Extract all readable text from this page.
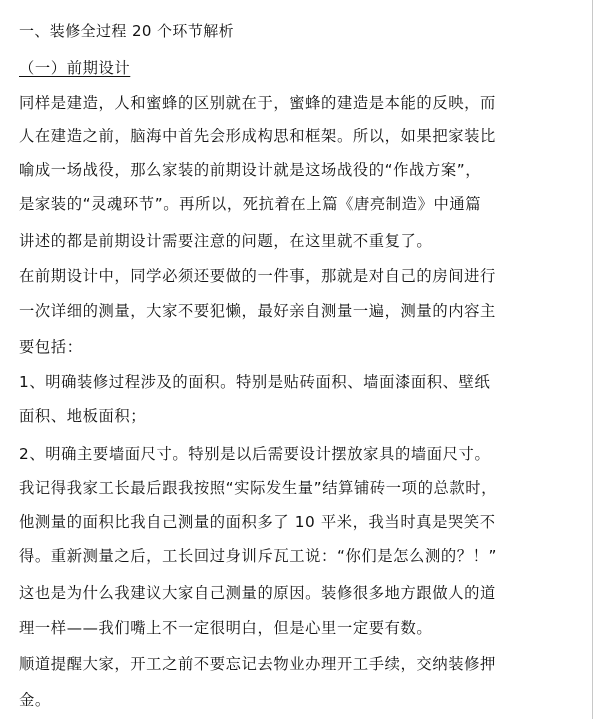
一、装修全过程 20 个环节解析
（一）前期设计
同样是建造，人和蜜蜂的区别就在于，蜜蜂的建造是本能的反映，而
人在建造之前，脑海中首先会形成构思和框架。所以，如果把家装比
喻成一场战役，那么家装的前期设计就是这场战役的“作战方案”，
是家装的“灵魂环节”。再所以，死抗着在上篇《唐亮制造》中通篇
讲述的都是前期设计需要注意的问题，在这里就不重复了。
在前期设计中，同学必须还要做的一件事，那就是对自己的房间进行
一次详细的测量，大家不要犯懒，最好亲自测量一遍，测量的内容主
要包括：
1、明确装修过程涉及的面积。特别是贴砖面积、墙面漆面积、壁纸
面积、地板面积；
2、明确主要墙面尺寸。特别是以后需要设计摆放家具的墙面尺寸。
我记得我家工长最后跟我按照“实际发生量”结算铺砖一项的总款时，
他测量的面积比我自己测量的面积多了 10 平米，我当时真是哭笑不
得。重新测量之后，工长回过身训斥瓦工说：“你们是怎么测的？！”
这也是为什么我建议大家自己测量的原因。装修很多地方跟做人的道
理一样——我们嘴上不一定很明白，但是心里一定要有数。
顺道提醒大家，开工之前不要忘记去物业办理开工手续，交纳装修押
金。
